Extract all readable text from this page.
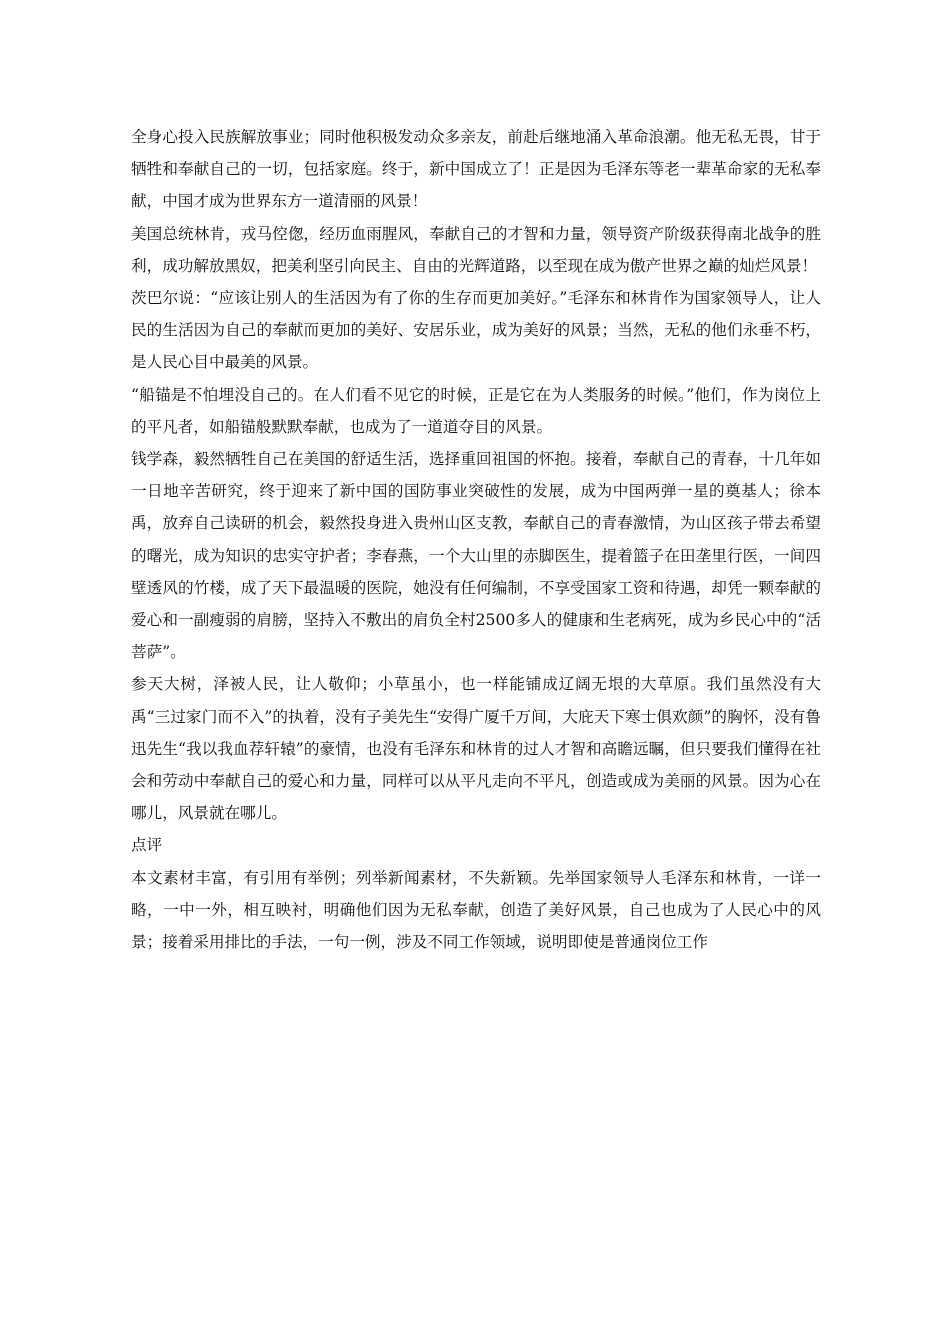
全身心投入民族解放事业；同时他积极发动众多亲友，前赴后继地涌入革命浪潮。他无私无畏，甘于牺牲和奉献自己的一切，包括家庭。终于，新中国成立了！正是因为毛泽东等老一辈革命家的无私奉献，中国才成为世界东方一道清丽的风景！

美国总统林肯，戎马倥偬，经历血雨腥风，奉献自己的才智和力量，领导资产阶级获得南北战争的胜利，成功解放黑奴，把美利坚引向民主、自由的光辉道路，以至现在成为傲产世界之巅的灿烂风景！

茨巴尔说：“应该让别人的生活因为有了你的生存而更加美好。”毛泽东和林肯作为国家领导人，让人民的生活因为自己的奉献而更加的美好、安居乐业，成为美好的风景；当然，无私的他们永垂不朽，是人民心目中最美的风景。

“船锚是不怕埋没自己的。在人们看不见它的时候，正是它在为人类服务的时候。”他们，作为岗位上的平凡者，如船锚般默默奉献，也成为了一道道夺目的风景。

钱学森，毅然牺牲自己在美国的舒适生活，选择重回祖国的怀抱。接着，奉献自己的青春，十几年如一日地辛苦研究，终于迎来了新中国的国防事业突破性的发展，成为中国两弹一星的奠基人；徐本禹，放弃自己读研的机会，毅然投身进入贵州山区支教，奉献自己的青春激情，为山区孩子带去希望的曙光，成为知识的忠实守护者；李春燕，一个大山里的赤脚医生，提着篮子在田垄里行医，一间四壁透风的竹楼，成了天下最温暖的医院，她没有任何编制，不享受国家工资和待遇，却凭一颗奉献的爱心和一副瘦弱的肩膀，坚持入不敷出的肩负全村2500多人的健康和生老病死，成为乡民心中的“活菩萨”。

参天大树，泽被人民，让人敬仰；小草虽小，也一样能铺成辽阔无垠的大草原。我们虽然没有大禹“三过家门而不入”的执着，没有子美先生“安得广厦千万间，大庇天下寒士俱欢颜”的胸怀，没有鲁迅先生“我以我血荐轩辕”的豪情，也没有毛泽东和林肯的过人才智和高瞻远瞩，但只要我们懂得在社会和劳动中奉献自己的爱心和力量，同样可以从平凡走向不平凡，创造或成为美丽的风景。因为心在哪儿，风景就在哪儿。

点评

本文素材丰富，有引用有举例；列举新闻素材，不失新颖。先举国家领导人毛泽东和林肯，一详一略，一中一外，相互映衬，明确他们因为无私奉献，创造了美好风景，自己也成为了人民心中的风景；接着采用排比的手法，一句一例，涉及不同工作领域，说明即使是普通岗位工作
